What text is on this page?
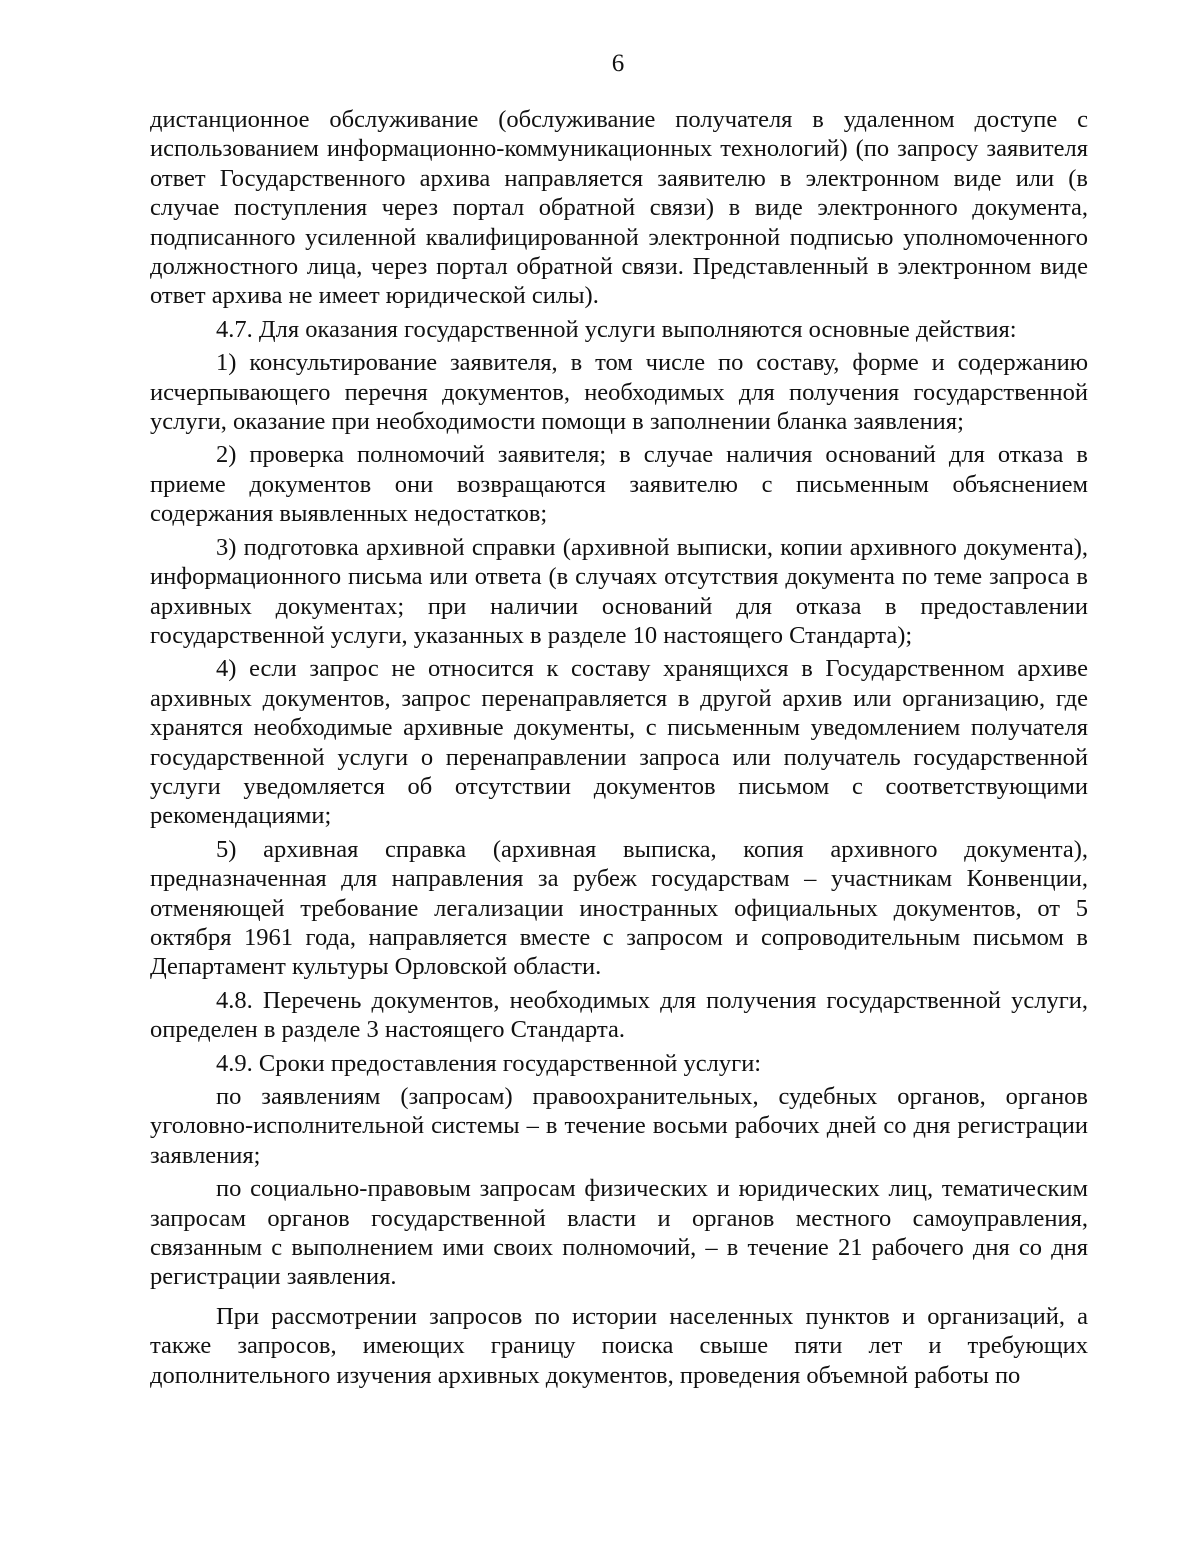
6

дистанционное обслуживание (обслуживание получателя в удаленном доступе с использованием информационно-коммуникационных технологий) (по запросу заявителя ответ Государственного архива направляется заявителю в электронном виде или (в случае поступления через портал обратной связи) в виде электронного документа, подписанного усиленной квалифицированной электронной подписью уполномоченного должностного лица, через портал обратной связи. Представленный в электронном виде ответ архива не имеет юридической силы).

4.7. Для оказания государственной услуги выполняются основные действия:

1) консультирование заявителя, в том числе по составу, форме и содержанию исчерпывающего перечня документов, необходимых для получения государственной услуги, оказание при необходимости помощи в заполнении бланка заявления;

2) проверка полномочий заявителя; в случае наличия оснований для отказа в приеме документов они возвращаются заявителю с письменным объяснением содержания выявленных недостатков;

3) подготовка архивной справки (архивной выписки, копии архивного документа), информационного письма или ответа (в случаях отсутствия документа по теме запроса в архивных документах; при наличии оснований для отказа в предоставлении государственной услуги, указанных в разделе 10 настоящего Стандарта);

4) если запрос не относится к составу хранящихся в Государственном архиве архивных документов, запрос перенаправляется в другой архив или организацию, где хранятся необходимые архивные документы, с письменным уведомлением получателя государственной услуги о перенаправлении запроса или получатель государственной услуги уведомляется об отсутствии документов письмом с соответствующими рекомендациями;

5) архивная справка (архивная выписка, копия архивного документа), предназначенная для направления за рубеж государствам – участникам Конвенции, отменяющей требование легализации иностранных официальных документов, от 5 октября 1961 года, направляется вместе с запросом и сопроводительным письмом в Департамент культуры Орловской области.

4.8. Перечень документов, необходимых для получения государственной услуги, определен в разделе 3 настоящего Стандарта.

4.9. Сроки предоставления государственной услуги:

по заявлениям (запросам) правоохранительных, судебных органов, органов уголовно-исполнительной системы – в течение восьми рабочих дней со дня регистрации заявления;

по социально-правовым запросам физических и юридических лиц, тематическим запросам органов государственной власти и органов местного самоуправления, связанным с выполнением ими своих полномочий, – в течение 21 рабочего дня со дня регистрации заявления.

При рассмотрении запросов по истории населенных пунктов и организаций, а также запросов, имеющих границу поиска свыше пяти лет и требующих дополнительного изучения архивных документов, проведения объемной работы по
